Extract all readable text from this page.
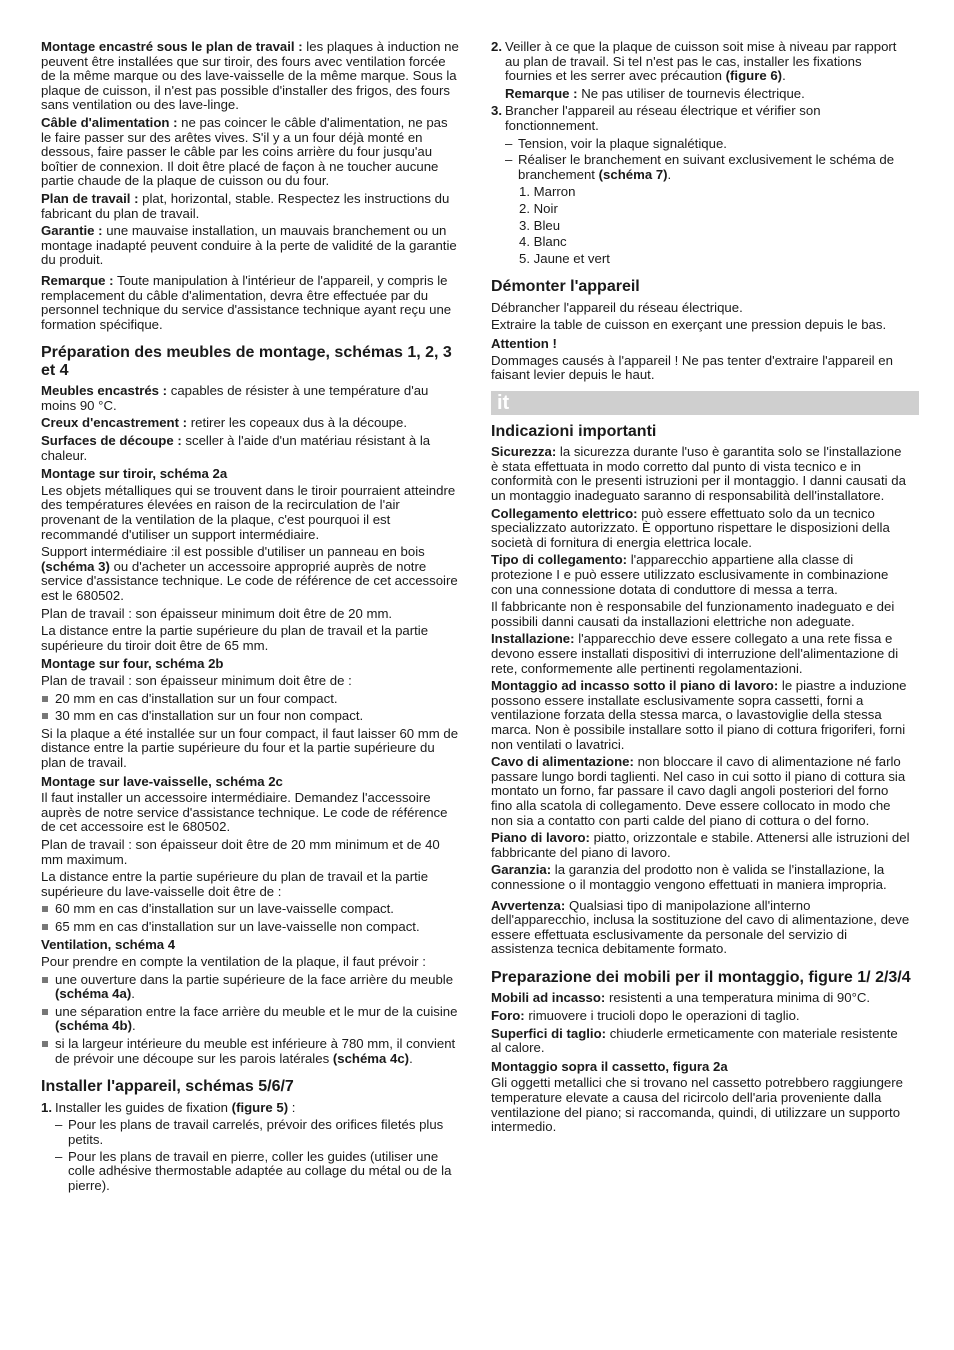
Montage encastré sous le plan de travail : les plaques à induction ne peuvent être installées que sur tiroir, des fours avec ventilation forcée de la même marque ou des lave-vaisselle de la même marque. Sous la plaque de cuisson, il n'est pas possible d'installer des frigos, des fours sans ventilation ou des lave-linge.

Câble d'alimentation : ne pas coincer le câble d'alimentation, ne pas le faire passer sur des arêtes vives. S'il y a un four déjà monté en dessous, faire passer le câble par les coins arrière du four jusqu'au boîtier de connexion. Il doit être placé de façon à ne toucher aucune partie chaude de la plaque de cuisson ou du four.

Plan de travail : plat, horizontal, stable. Respectez les instructions du fabricant du plan de travail.

Garantie : une mauvaise installation, un mauvais branchement ou un montage inadapté peuvent conduire à la perte de validité de la garantie du produit.

Remarque : Toute manipulation à l'intérieur de l'appareil, y compris le remplacement du câble d'alimentation, devra être effectuée par du personnel technique du service d'assistance technique ayant reçu une formation spécifique.

Préparation des meubles de montage, schémas 1, 2, 3 et 4

Meubles encastrés : capables de résister à une température d'au moins 90 °C.

Creux d'encastrement : retirer les copeaux dus à la découpe.

Surfaces de découpe : sceller à l'aide d'un matériau résistant à la chaleur.

Montage sur tiroir, schéma 2a

Les objets métalliques qui se trouvent dans le tiroir pourraient atteindre des températures élevées en raison de la recirculation de l'air provenant de la ventilation de la plaque, c'est pourquoi il est recommandé d'utiliser un support intermédiaire.

Support intermédiaire :il est possible d'utiliser un panneau en bois (schéma 3) ou d'acheter un accessoire approprié auprès de notre service d'assistance technique. Le code de référence de cet accessoire est le 680502.

Plan de travail : son épaisseur minimum doit être de 20 mm.

La distance entre la partie supérieure du plan de travail et la partie supérieure du tiroir doit être de 65 mm.

Montage sur four, schéma 2b

Plan de travail : son épaisseur minimum doit être de :

20 mm en cas d'installation sur un four compact.
30 mm en cas d'installation sur un four non compact.

Si la plaque a été installée sur un four compact, il faut laisser 60 mm de distance entre la partie supérieure du four et la partie supérieure du plan de travail.

Montage sur lave-vaisselle, schéma 2c

Il faut installer un accessoire intermédiaire. Demandez l'accessoire auprès de notre service d'assistance technique. Le code de référence de cet accessoire est le 680502.

Plan de travail : son épaisseur doit être de 20 mm minimum et de 40 mm maximum.

La distance entre la partie supérieure du plan de travail et la partie supérieure du lave-vaisselle doit être de :

60 mm en cas d'installation sur un lave-vaisselle compact.
65 mm en cas d'installation sur un lave-vaisselle non compact.
Ventilation, schéma 4

Pour prendre en compte la ventilation de la plaque, il faut prévoir :

une ouverture dans la partie supérieure de la face arrière du meuble (schéma 4a).
une séparation entre la face arrière du meuble et le mur de la cuisine (schéma 4b).
si la largeur intérieure du meuble est inférieure à 780 mm, il convient de prévoir une découpe sur les parois latérales (schéma 4c).
Installer l'appareil, schémas 5/6/7
1. Installer les guides de fixation (figure 5) :
– Pour les plans de travail carrelés, prévoir des orifices filetés plus petits.
– Pour les plans de travail en pierre, coller les guides (utiliser une colle adhésive thermostable adaptée au collage du métal ou de la pierre).
2. Veiller à ce que la plaque de cuisson soit mise à niveau par rapport au plan de travail. Si tel n'est pas le cas, installer les fixations fournies et les serrer avec précaution (figure 6).

Remarque : Ne pas utiliser de tournevis électrique.

3. Brancher l'appareil au réseau électrique et vérifier son fonctionnement.
– Tension, voir la plaque signalétique.
– Réaliser le branchement en suivant exclusivement le schéma de branchement (schéma 7).
1. Marron
2. Noir
3. Bleu
4. Blanc
5. Jaune et vert
Démonter l'appareil

Débrancher l'appareil du réseau électrique.

Extraire la table de cuisson en exerçant une pression depuis le bas.

Attention !

Dommages causés à l'appareil ! Ne pas tenter d'extraire l'appareil en faisant levier depuis le haut.

it
Indicazioni importanti

Sicurezza: la sicurezza durante l'uso è garantita solo se l'installazione è stata effettuata in modo corretto dal punto di vista tecnico e in conformità con le presenti istruzioni per il montaggio. I danni causati da un montaggio inadeguato saranno di responsabilità dell'installatore.

Collegamento elettrico: può essere effettuato solo da un tecnico specializzato autorizzato. È opportuno rispettare le disposizioni della società di fornitura di energia elettrica locale.

Tipo di collegamento: l'apparecchio appartiene alla classe di protezione I e può essere utilizzato esclusivamente in combinazione con una connessione dotata di conduttore di messa a terra.

Il fabbricante non è responsabile del funzionamento inadeguato e dei possibili danni causati da installazioni elettriche non adeguate.

Installazione: l'apparecchio deve essere collegato a una rete fissa e devono essere installati dispositivi di interruzione dell'alimentazione di rete, conformemente alle pertinenti regolamentazioni.

Montaggio ad incasso sotto il piano di lavoro: le piastre a induzione possono essere installate esclusivamente sopra cassetti, forni a ventilazione forzata della stessa marca, o lavastoviglie della stessa marca. Non è possibile installare sotto il piano di cottura frigoriferi, forni non ventilati o lavatrici.

Cavo di alimentazione: non bloccare il cavo di alimentazione né farlo passare lungo bordi taglienti. Nel caso in cui sotto il piano di cottura sia montato un forno, far passare il cavo dagli angoli posteriori del forno fino alla scatola di collegamento. Deve essere collocato in modo che non sia a contatto con parti calde del piano di cottura o del forno.

Piano di lavoro: piatto, orizzontale e stabile. Attenersi alle istruzioni del fabbricante del piano di lavoro.

Garanzia: la garanzia del prodotto non è valida se l'installazione, la connessione o il montaggio vengono effettuati in maniera impropria.

Avvertenza: Qualsiasi tipo di manipolazione all'interno dell'apparecchio, inclusa la sostituzione del cavo di alimentazione, deve essere effettuata esclusivamente da personale del servizio di assistenza tecnica debitamente formato.

Preparazione dei mobili per il montaggio, figure 1/ 2/3/4

Mobili ad incasso: resistenti a una temperatura minima di 90°C.

Foro: rimuovere i trucioli dopo le operazioni di taglio.

Superfici di taglio: chiuderle ermeticamente con materiale resistente al calore.

Montaggio sopra il cassetto, figura 2a

Gli oggetti metallici che si trovano nel cassetto potrebbero raggiungere temperature elevate a causa del ricircolo dell'aria proveniente dalla ventilazione del piano; si raccomanda, quindi, di utilizzare un supporto intermedio.
